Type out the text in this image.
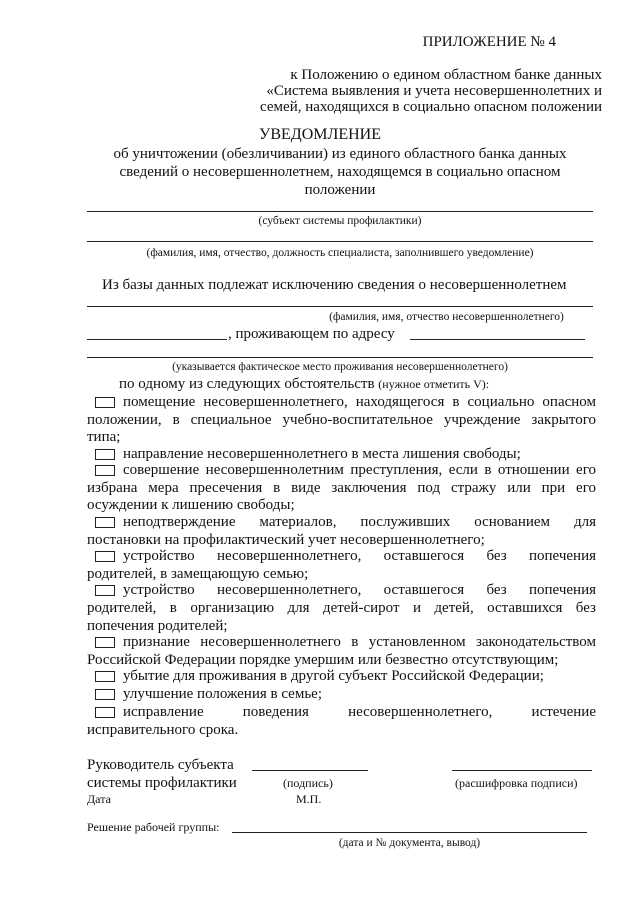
ПРИЛОЖЕНИЕ № 4
к Положению о едином областном банке данных
«Система выявления и учета несовершеннолетних и
семей, находящихся в социально опасном положении
УВЕДОМЛЕНИЕ
об уничтожении (обезличивании) из единого областного банка данных
сведений о несовершеннолетнем, находящемся в социально опасном
положении
(субъект системы профилактики)
(фамилия, имя, отчество, должность специалиста, заполнившего уведомление)
Из базы данных подлежат исключению сведения о несовершеннолетнем
(фамилия, имя, отчество несовершеннолетнего)
, проживающем по адресу
(указывается фактическое место проживания несовершеннолетнего)
по одному из следующих обстоятельств (нужное отметить V):
помещение несовершеннолетнего, находящегося в социально опасном
положении, в специальное учебно-воспитательное учреждение закрытого
типа;
направление несовершеннолетнего в места лишения свободы;
совершение несовершеннолетним преступления, если в отношении его
избрана мера пресечения в виде заключения под стражу или при его
осуждении к лишению свободы;
неподтверждение материалов, послуживших основанием для
постановки на профилактический учет несовершеннолетнего;
устройство несовершеннолетнего, оставшегося без попечения
родителей, в замещающую семью;
устройство несовершеннолетнего, оставшегося без попечения
родителей, в организацию для детей-сирот и детей, оставшихся без
попечения родителей;
признание несовершеннолетнего в установленном законодательством
Российской Федерации порядке умершим или безвестно отсутствующим;
убытие для проживания в другой субъект Российской Федерации;
улучшение положения в семье;
исправление поведения несовершеннолетнего, истечение
исправительного срока.
Руководитель субъекта
системы профилактики	(подпись)	(расшифровка подписи)
Дата	М.П.
Решение рабочей группы:
(дата и № документа, вывод)
